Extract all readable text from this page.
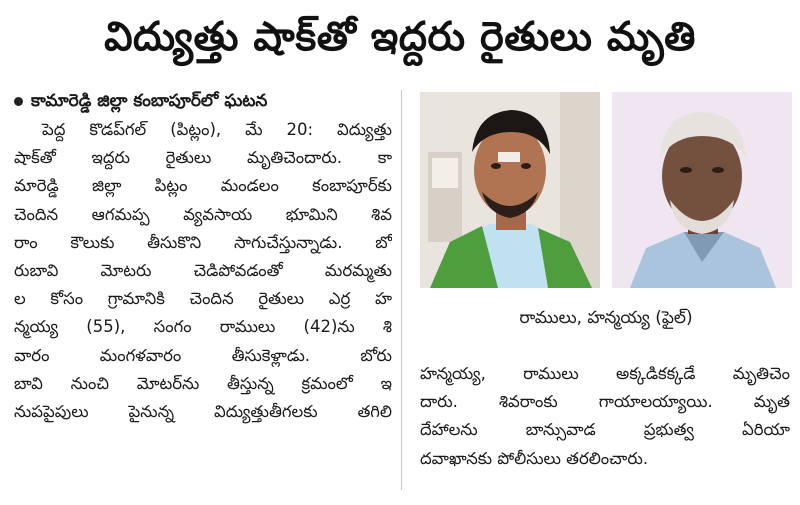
విద్యుత్తు షాక్‌తో ఇద్దరు రైతులు మృతి
కామారెడ్డి జిల్లా కంబాపూర్‌లో ఘటన
పెద్ద కొడప్‌గల్‌ (పిట్లం), మే 20: విద్యుత్తు
షాక్‌తో ఇద్దరు రైతులు మృతిచెందారు. కా
మారెడ్డి జిల్లా పిట్లం మండలం కంబాపూర్‌కు
చెందిన ఆగమప్ప వ్యవసాయ భూమిని శివ
రాం కౌలుకు తీసుకొని సాగుచేస్తున్నాడు. బో
రుబావి మోటరు చెడిపోవడంతో మరమ్మతు
ల కోసం గ్రామానికి చెందిన రైతులు ఎర్ర హ
న్మయ్య (55), సంగం రాములు (42)ను శి
వారం మంగళవారం తీసుకెళ్లాడు. బోరు
బావి నుంచి మోటర్‌ను తీస్తున్న క్రమంలో ఇ
నుపపైపులు పైనున్న విద్యుత్తుతీగలకు తగిలి
రాములు, హన్మయ్య (ఫైల్‌)
హన్మయ్య, రాములు అక్కడికక్కడే మృతిచెం
దారు. శివరాంకు గాయాలయ్యాయి. మృత
దేహాలను బాన్సువాడ ప్రభుత్వ ఏరియా
దవాఖానకు పోలీసులు తరలించారు.
